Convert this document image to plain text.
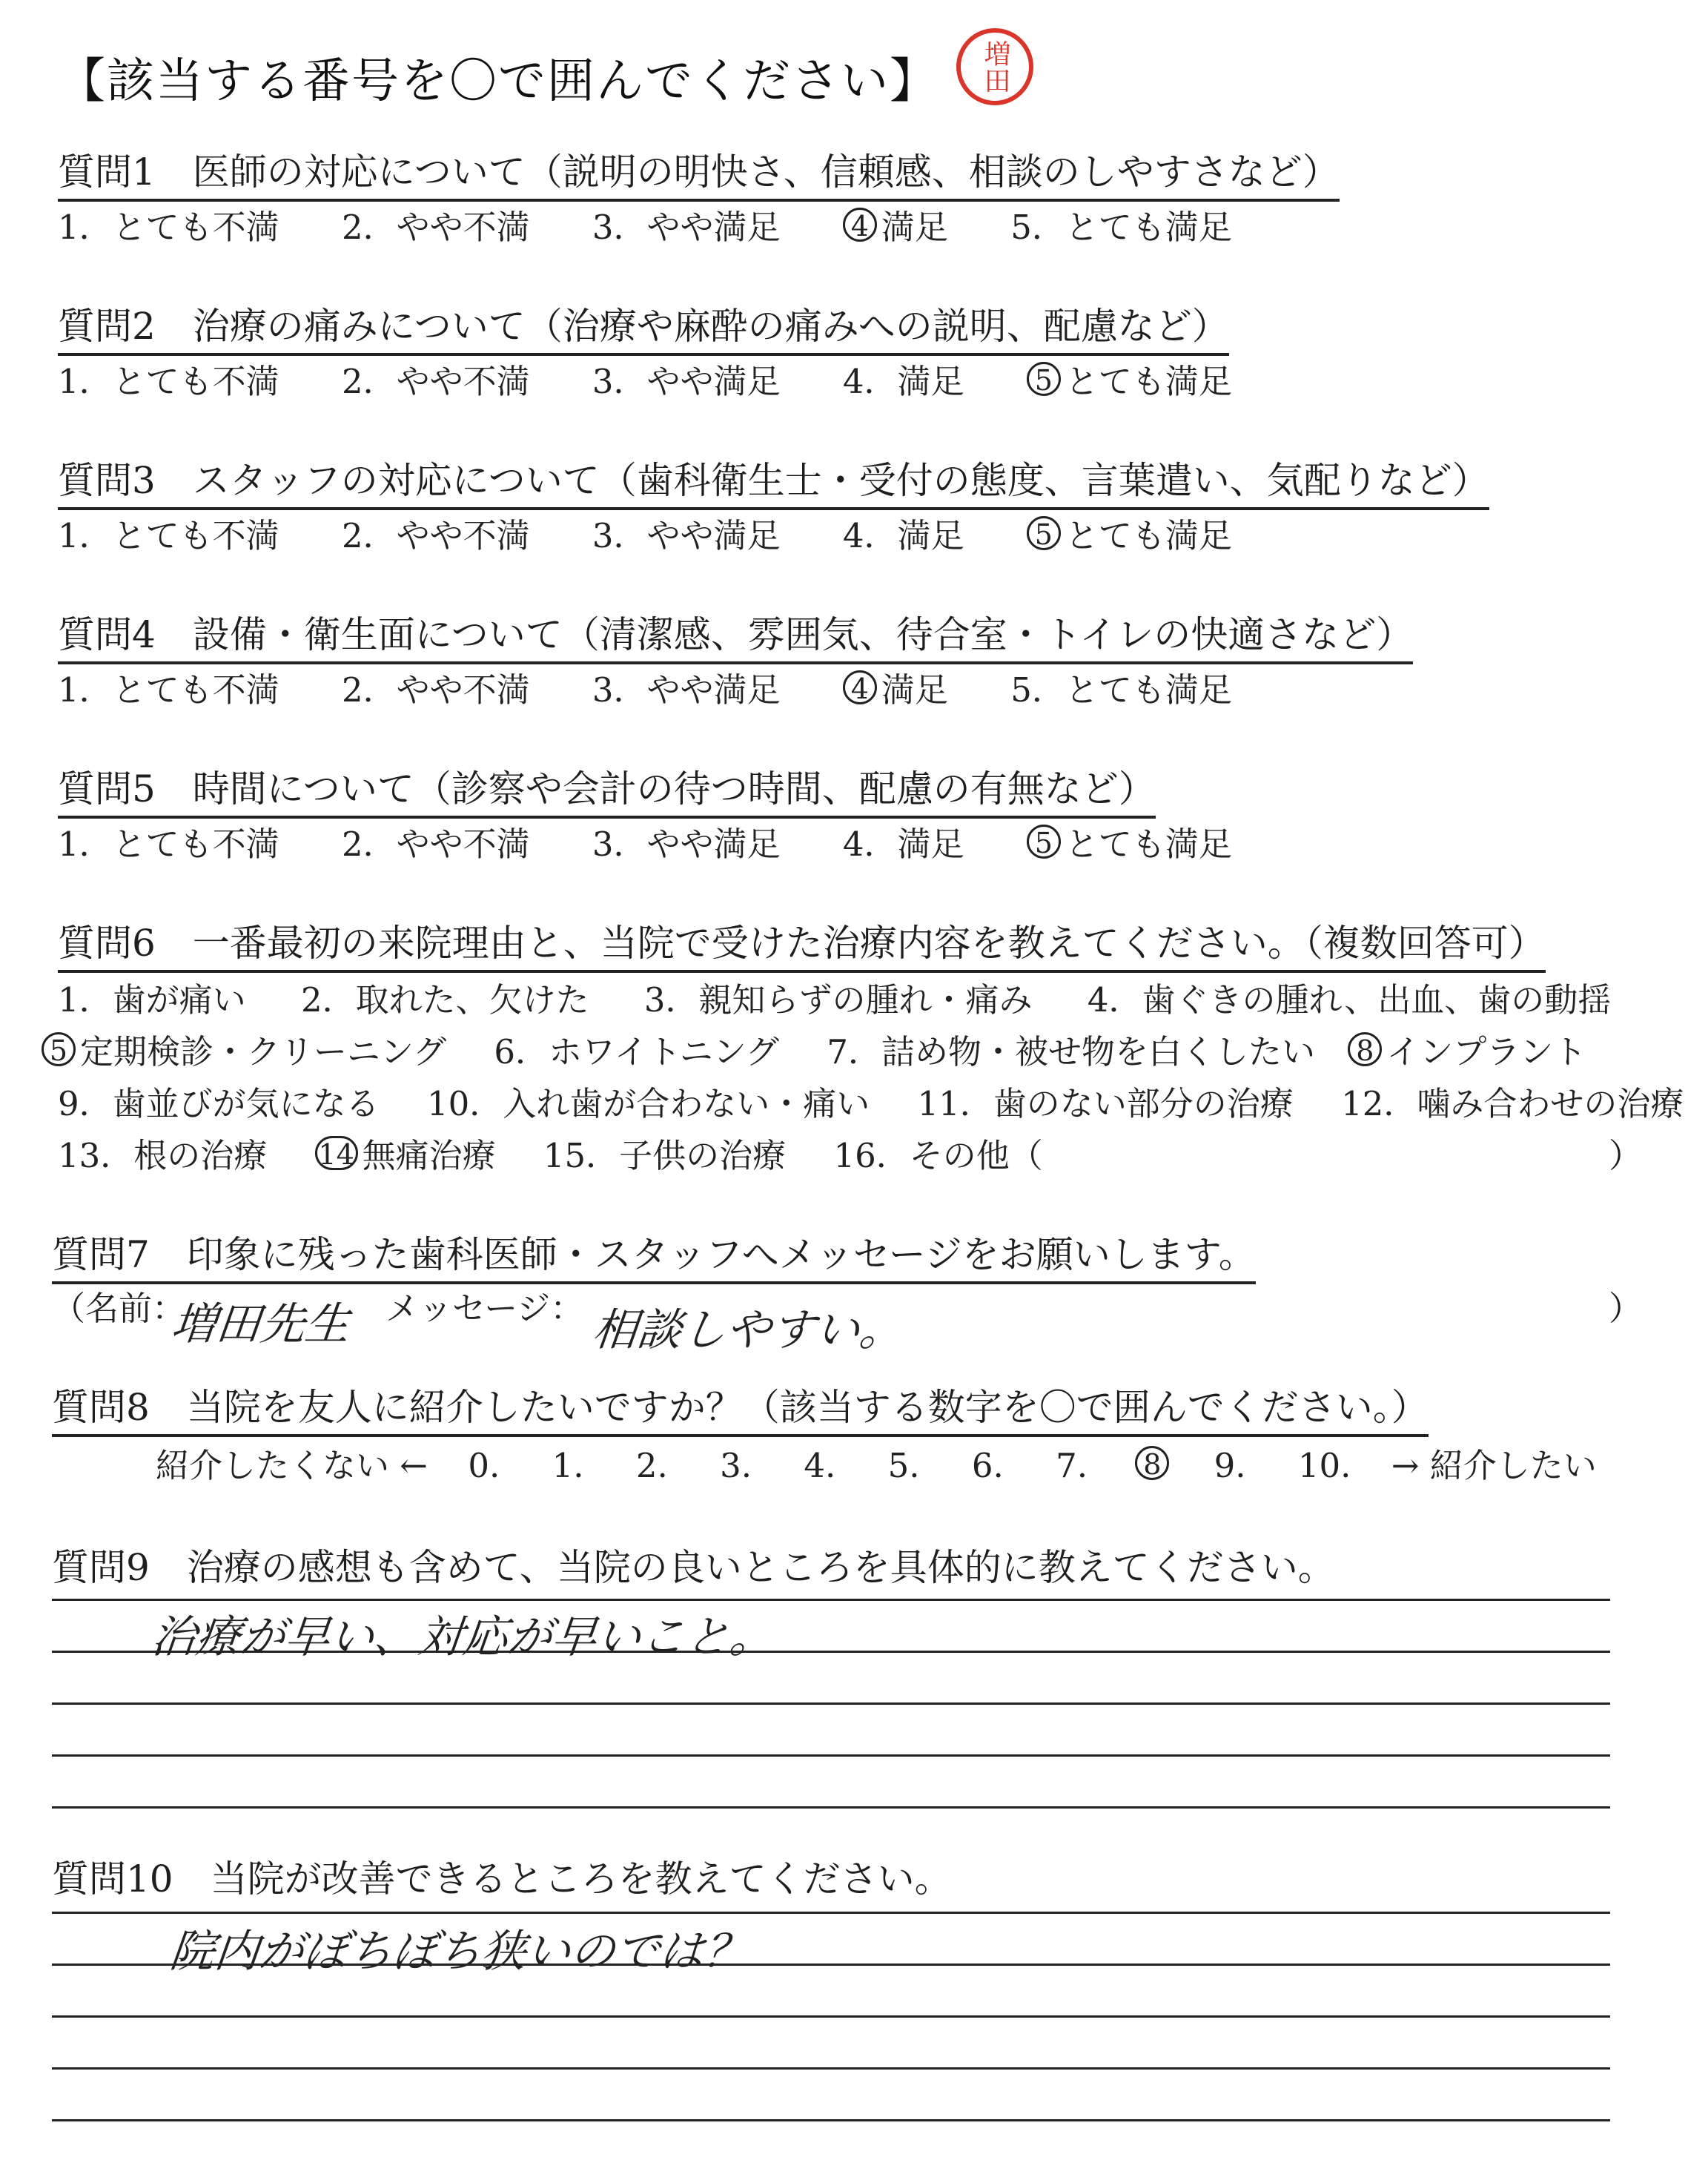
【該当する番号を〇で囲んでください】 増田
質問1　医師の対応について（説明の明快さ、信頼感、相談のしやすさなど）
1．とても不満 2．やや不満 3．やや満足	4 満足 5．とても満足
質問2　治療の痛みについて（治療や麻酔の痛みへの説明、配慮など）
1．とても不満 2．やや不満 3．やや満足 4．満足	5 とても満足
質問3　スタッフの対応について（歯科衛生士・受付の態度、言葉遣い、気配りなど）
1．とても不満 2．やや不満 3．やや満足 4．満足	5 とても満足
質問4　設備・衛生面について（清潔感、雰囲気、待合室・トイレの快適さなど）
1．とても不満 2．やや不満 3．やや満足	4 満足 5．とても満足
質問5　時間について（診察や会計の待つ時間、配慮の有無など）
1．とても不満 2．やや不満 3．やや満足 4．満足	5 とても満足
質問6　一番最初の来院理由と、当院で受けた治療内容を教えてください。（複数回答可）
1．歯が痛い 2．取れた、欠けた 3．親知らずの腫れ・痛み 4．歯ぐきの腫れ、出血、歯の動揺
5 定期検診・クリーニング 6．ホワイトニング 7．詰め物・被せ物を白くしたい 8 インプラント
9．歯並びが気になる 10．入れ歯が合わない・痛い 11．歯のない部分の治療 12．噛み合わせの治療
13．根の治療 14 無痛治療 15．子供の治療 16．その他（	）
質問7　印象に残った歯科医師・スタッフへメッセージをお願いします。
（名前：
増田先生 メッセージ： 相談しやすい。	）
質問8　当院を友人に紹介したいですか？（該当する数字を〇で囲んでください。）
紹介したくない ← 0. 1. 2. 3. 4. 5. 6. 7. 8 9. 10. → 紹介したい
質問9　治療の感想も含めて、当院の良いところを具体的に教えてください。
治療が早い、対応が早いこと。
質問10　当院が改善できるところを教えてください。
院内がぼちぼち狭いのでは？
